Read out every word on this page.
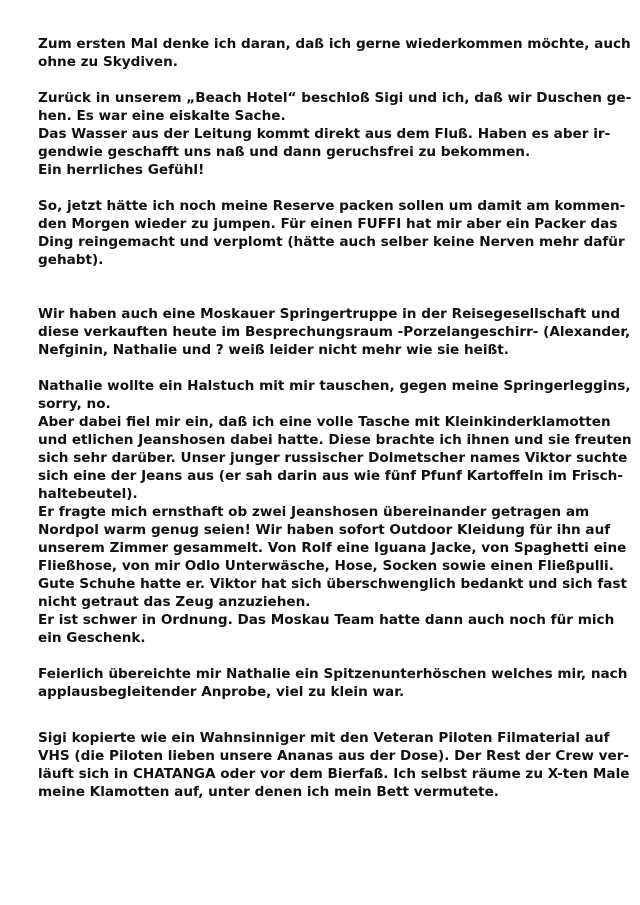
Zum ersten Mal denke ich daran, daß ich gerne wiederkommen möchte, auch
ohne zu Skydiven.
Zurück in unserem „Beach Hotel“ beschloß Sigi und ich, daß wir Duschen ge-
hen. Es war eine eiskalte Sache.
Das Wasser aus der Leitung kommt direkt aus dem Fluß. Haben es aber ir-
gendwie geschafft uns naß und dann geruchsfrei zu bekommen.
Ein herrliches Gefühl!
So, jetzt hätte ich noch meine Reserve packen sollen um damit am kommen-
den Morgen wieder zu jumpen. Für einen FUFFI hat mir aber ein Packer das
Ding reingemacht und verplomt (hätte auch selber keine Nerven mehr dafür
gehabt).
Wir haben auch eine Moskauer Springertruppe in der Reisegesellschaft und
diese verkauften heute im Besprechungsraum -Porzelangeschirr- (Alexander,
Nefginin, Nathalie und ? weiß leider nicht mehr wie sie heißt.
Nathalie wollte ein Halstuch mit mir tauschen, gegen meine Springerleggins,
sorry, no.
Aber dabei fiel mir ein, daß ich eine volle Tasche mit Kleinkinderklamotten
und etlichen Jeanshosen dabei hatte. Diese brachte ich ihnen und sie freuten
sich sehr darüber. Unser junger russischer Dolmetscher names Viktor suchte
sich eine der Jeans aus (er sah darin aus wie fünf Pfunf Kartoffeln im Frisch-
haltebeutel).
Er fragte mich ernsthaft ob zwei Jeanshosen übereinander getragen am
Nordpol warm genug seien! Wir haben sofort Outdoor Kleidung für ihn auf
unserem Zimmer gesammelt. Von Rolf eine Iguana Jacke, von Spaghetti eine
Fließhose, von mir Odlo Unterwäsche, Hose, Socken sowie einen Fließpulli.
Gute Schuhe hatte er. Viktor hat sich überschwenglich bedankt und sich fast
nicht getraut das Zeug anzuziehen.
Er ist schwer in Ordnung. Das Moskau Team hatte dann auch noch für mich
ein Geschenk.
Feierlich übereichte mir Nathalie ein Spitzenunterhöschen welches mir, nach
applausbegleitender Anprobe, viel zu klein war.
Sigi kopierte wie ein Wahnsinniger mit den Veteran Piloten Filmaterial auf
VHS (die Piloten lieben unsere Ananas aus der Dose). Der Rest der Crew ver-
läuft sich in CHATANGA oder vor dem Bierfaß. Ich selbst räume zu X-ten Male
meine Klamotten auf, unter denen ich mein Bett vermutete.
